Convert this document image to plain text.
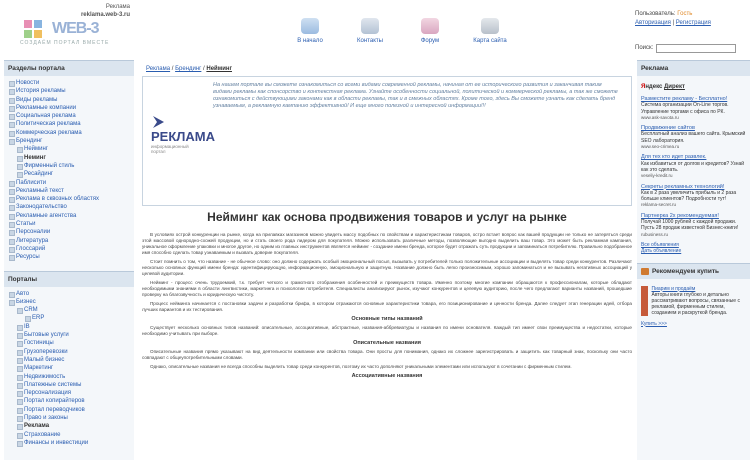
WEB-3
СОЗДАЁМ ПОРТАЛ ВМЕСТЕ
Реклама
reklama.web-3.ru
В начало	Контакты	Форум	Карта сайта
Пользователь: Гость
Авторизация | Регистрация
Поиск:
Разделы портала
Новости
История рекламы
Виды рекламы
Рекламные компании
Социальная реклама
Политическая реклама
Коммерческая реклама
Брендинг
Нейминг
Неминг
Фирменный стиль
Ресайдинг
Паблисити
Рекламный текст
Реклама в сквозных областях
Законодательство
Рекламные агентства
Статьи
Персоналии
Литература
Глоссарий
Ресурсы
Порталы
Авто
Бизнес
CRM
ERP
IB
Бытовые услуги
Гостиницы
Грузоперевозки
Малый бизнес
Маркетинг
Недвижимость
Платежные системы
Персонализация
Портал копирайтеров
Портал переводчиков
Право и законы
Реклама
Страхование
Финансы и инвестиции
Реклама / Брендинг / Нейминг
РЕКЛАМА
информационный портал
На нашем портале вы сможете ознакомиться со всеми видами современной рекламы, начиная от ее исторического развития и заканчивая таким видами рекламы как спонсорство и контекстная реклама. Узнайте особенности социальной, политической и коммерческой рекламы, а так же сможете ознакомиться с действующими законами как в области рекламы, так и в смежных областях. Кроме того, здесь Вы сможете узнать как сделать бренд узнаваемым, а рекламную кампанию эффективной! И еще много полезной и интересной информации!!!
Нейминг как основа продвижения товаров и услуг на рынке

В условиях острой конкуренции на рынке, когда на прилавках магазинов можно увидеть массу подобных по свойствам и характеристикам товаров, остро встает вопрос как вашей продукции не только не затеряться среди этой массовой однородно-схожей продукции, но и стать своего рода лидером для покупателя. Можно использовать различные методы, позволяющие выгодно выделить ваш товар. Это может быть рекламная кампания, уникальное оформление упаковки и многое другое, но одним из главных инструментов является нейминг - создание имени бренда, которое будет отражать суть продукции и запоминаться потребителю. Правильно подобранное имя способно сделать товар узнаваемым и вызвать доверие покупателя.

Стоит помнить о том, что название - не обычное слово: оно должно содержать особый эмоциональный посыл, вызывать у потребителей только положительные ассоциации и выделять товар среди конкурентов. Различают несколько основных функций имени бренда: идентифицирующую, информационную, эмоциональную и защитную. Название должно быть легко произносимым, хорошо запоминаться и не вызывать негативных ассоциаций у целевой аудитории.

Нейминг - процесс очень трудоемкий, т.к. требует четкого и грамотного отображения особенностей и преимуществ товара. Именно поэтому многие компании обращаются к профессионалам, которые обладают необходимыми знаниями в области лингвистики, маркетинга и психологии потребителя. Специалисты анализируют рынок, изучают конкурентов и целевую аудиторию, после чего предлагают варианты названий, прошедшие проверку на благозвучность и юридическую чистоту.

Процесс нейминга начинается с постановки задачи и разработки брифа, в котором отражаются основные характеристики товара, его позиционирование и ценности бренда. Далее следует этап генерации идей, отбора лучших вариантов и их тестирования.

Основные типы названий

Существует несколько основных типов названий: описательные, ассоциативные, абстрактные, названия-аббревиатуры и названия по имени основателя. Каждый тип имеет свои преимущества и недостатки, которые необходимо учитывать при выборе.

Описательные названия

Описательные названия прямо указывают на вид деятельности компании или свойства товара. Они просты для понимания, однако их сложнее зарегистрировать и защитить как товарный знак, поскольку они часто совпадают с общеупотребительными словами.

Однако, описательные названия не всегда способны выделить товар среди конкурентов, поэтому их часто дополняют уникальными элементами или используют в сочетании с фирменным стилем.

Ассоциативные названия
Реклама
Яндекс Директ
Разместите рекламу - Бесплатно!
Система организации On-Line торгов. Управление торгами с офиса по РК.
www.ask-savota.ru
Продвижение сайтов
Бесплатный анализ вашего сайта. Крымский SEO лаборатория.
www.seo-crimea.ru
Для тех кто идет развлек.
Как избавиться от долгов и кредитов? Узнай как это сделать.
veseliy-kredit.ru
Секреты рекламных технологий!
Как в 2 раза увеличить прибыль и 2 раза больше клиентов? Подробности тут!
reklama-secret.ru
Партнерка 2x рекомендуемая!
Получай 1000 рублей с каждой продажи. Пусть 28 продаж известной Бизнес-книги!
rubusiness.ru
Все объявления
Дать объявление
Рекомендуем купить
Пиарим и продаём
Авторы книги глубоко и детально рассматривают вопросы, связанные с рекламой, фирменным стилем, созданием и раскруткой бренда.
Купить >>>
